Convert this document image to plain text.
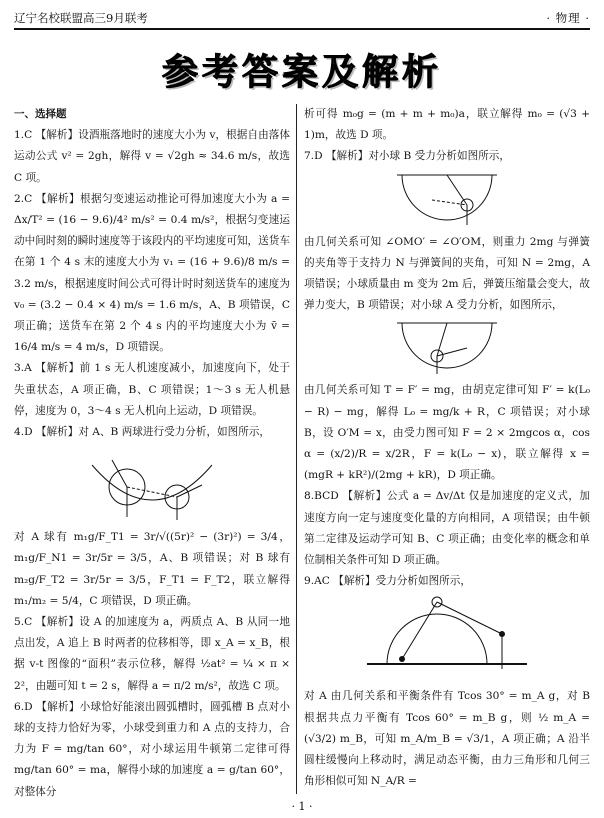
辽宁名校联盟高三9月联考	· 物理 ·
参考答案及解析

一、选择题

1.C 【解析】设酒瓶落地时的速度大小为 v，根据自由落体运动公式 v² = 2gh，解得 v = √2gh ≈ 34.6 m/s，故选 C 项。

2.C 【解析】根据匀变速运动推论可得加速度大小为 a = Δx/T² = (16 − 9.6)/4² m/s² = 0.4 m/s²，根据匀变速运动中间时刻的瞬时速度等于该段内的平均速度可知，送货车在第 1 个 4 s 末的速度大小为 v₁ = (16 + 9.6)/8 m/s = 3.2 m/s，根据速度时间公式可得计时时刻送货车的速度为 v₀ = (3.2 − 0.4 × 4) m/s = 1.6 m/s，A、B 项错误，C 项正确；送货车在第 2 个 4 s 内的平均速度大小为 v̄ = 16/4 m/s = 4 m/s，D 项错误。

3.A 【解析】前 1 s 无人机速度减小，加速度向下，处于失重状态，A 项正确，B、C 项错误；1～3 s 无人机悬停，速度为 0，3～4 s 无人机向上运动，D 项错误。

4.D 【解析】对 A、B 两球进行受力分析，如图所示，

对 A 球有 m₁g/F_T1 = 3r/√((5r)² − (3r)²) = 3/4，m₁g/F_N1 = 3r/5r = 3/5，A、B 项错误；对 B 球有 m₂g/F_T2 = 3r/5r = 3/5，F_T1 = F_T2，联立解得 m₁/m₂ = 5/4，C 项错误，D 项正确。

5.C 【解析】设 A 的加速度为 a，两质点 A、B 从同一地点出发，A 追上 B 时两者的位移相等，即 x_A = x_B，根据 v-t 图像的“面积”表示位移，解得 ½at² = ¼ × π × 2²，由题可知 t = 2 s，解得 a = π/2 m/s²，故选 C 项。

6.D 【解析】小球恰好能滚出圆弧槽时，圆弧槽 B 点对小球的支持力恰好为零，小球受到重力和 A 点的支持力，合力为 F = mg/tan 60°，对小球运用牛顿第二定律可得 mg/tan 60° = ma，解得小球的加速度 a = g/tan 60°，对整体分

析可得 m₀g = (m + m + m₀)a，联立解得 m₀ = (√3 + 1)m，故选 D 项。

7.D 【解析】对小球 B 受力分析如图所示，

由几何关系可知 ∠OMO′ = ∠O′OM，则重力 2mg 与弹簧的夹角等于支持力 N 与弹簧间的夹角，可知 N = 2mg，A 项错误；小球质量由 m 变为 2m 后，弹簧压缩量会变大，故弹力变大，B 项错误；对小球 A 受力分析，如图所示，

由几何关系可知 T = F′ = mg，由胡克定律可知 F′ = k(L₀ − R) − mg，解得 L₀ = mg/k + R，C 项错误；对小球 B，设 O′M = x，由受力图可知 F = 2 × 2mgcos α，cos α = (x/2)/R = x/2R，F = k(L₀ − x)，联立解得 x = (mgR + kR²)/(2mg + kR)，D 项正确。

8.BCD 【解析】公式 a = Δv/Δt 仅是加速度的定义式，加速度方向一定与速度变化量的方向相同，A 项错误；由牛顿第二定律及运动学可知 B、C 项正确；由变化率的概念和单位制相关条件可知 D 项正确。

9.AC 【解析】受力分析如图所示，

对 A 由几何关系和平衡条件有 Tcos 30° = m_A g，对 B 根据共点力平衡有 Tcos 60° = m_B g，则 ½ m_A = (√3/2) m_B，可知 m_A/m_B = √3/1，A 项正确；A 沿半圆柱缓慢向上移动时，满足动态平衡，由力三角形和几何三角形相似可知 N_A/R =

· 1 ·
